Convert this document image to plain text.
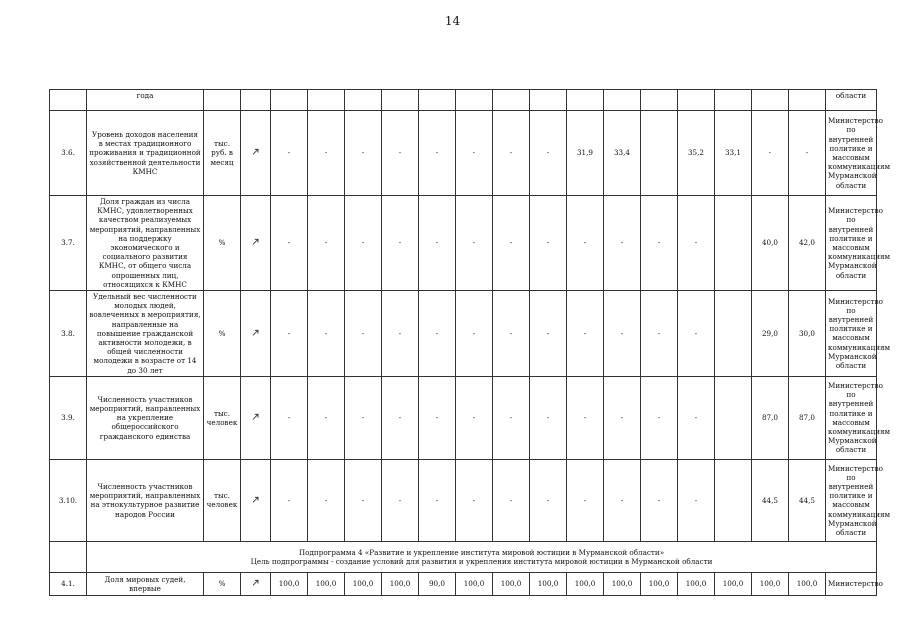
14
	года																		области
3.6.	Уровень доходов населения в местах традиционного проживания и традиционной хозяйственной деятельности КМНС	тыс. руб. в месяц		-	-	-	-	-	-	-	-	31,9	33,4		35,2	33,1	-	-	Министерство по внутренней политике и массовым коммуникациям Мурманской области
3.7.	Доля граждан из числа КМНС, удовлетворенных качеством реализуемых мероприятий, направленных на поддержку экономического и социального развития КМНС, от общего числа опрошенных лиц, относящихся к КМНС	%		-	-	-	-	-	-	-	-	-	-	-	-		40,0	42,0	Министерство по внутренней политике и массовым коммуникациям Мурманской области
3.8.	Удельный вес численности молодых людей, вовлеченных в мероприятия, направленные на повышение гражданской активности молодежи, в общей численности молодежи в возрасте от 14 до 30 лет	%		-	-	-	-	-	-	-	-	-	-	-	-		29,0	30,0	Министерство по внутренней политике и массовым коммуникациям Мурманской области
3.9.	Численность участников мероприятий, направленных на укрепление общероссийского гражданского единства	тыс. человек		-	-	-	-	-	-	-	-	-	-	-	-		87,0	87,0	Министерство по внутренней политике и массовым коммуникациям Мурманской области
3.10.	Численность участников мероприятий, направленных на этнокультурное развитие народов России	тыс. человек		-	-	-	-	-	-	-	-	-	-	-	-		44,5	44,5	Министерство по внутренней политике и массовым коммуникациям Мурманской области

	Подпрограмма 4 «Развитие и укрепление института мировой юстиции в Мурманской области»
Цель подпрограммы - создание условий для развития и укрепления института мировой юстиции в Мурманской области																		

4.1.	Доля мировых судей, впервые	%		100,0	100,0	100,0	100,0	90,0	100,0	100,0	100,0	100,0	100,0	100,0	100,0	100,0	100,0	100,0	Министерство
